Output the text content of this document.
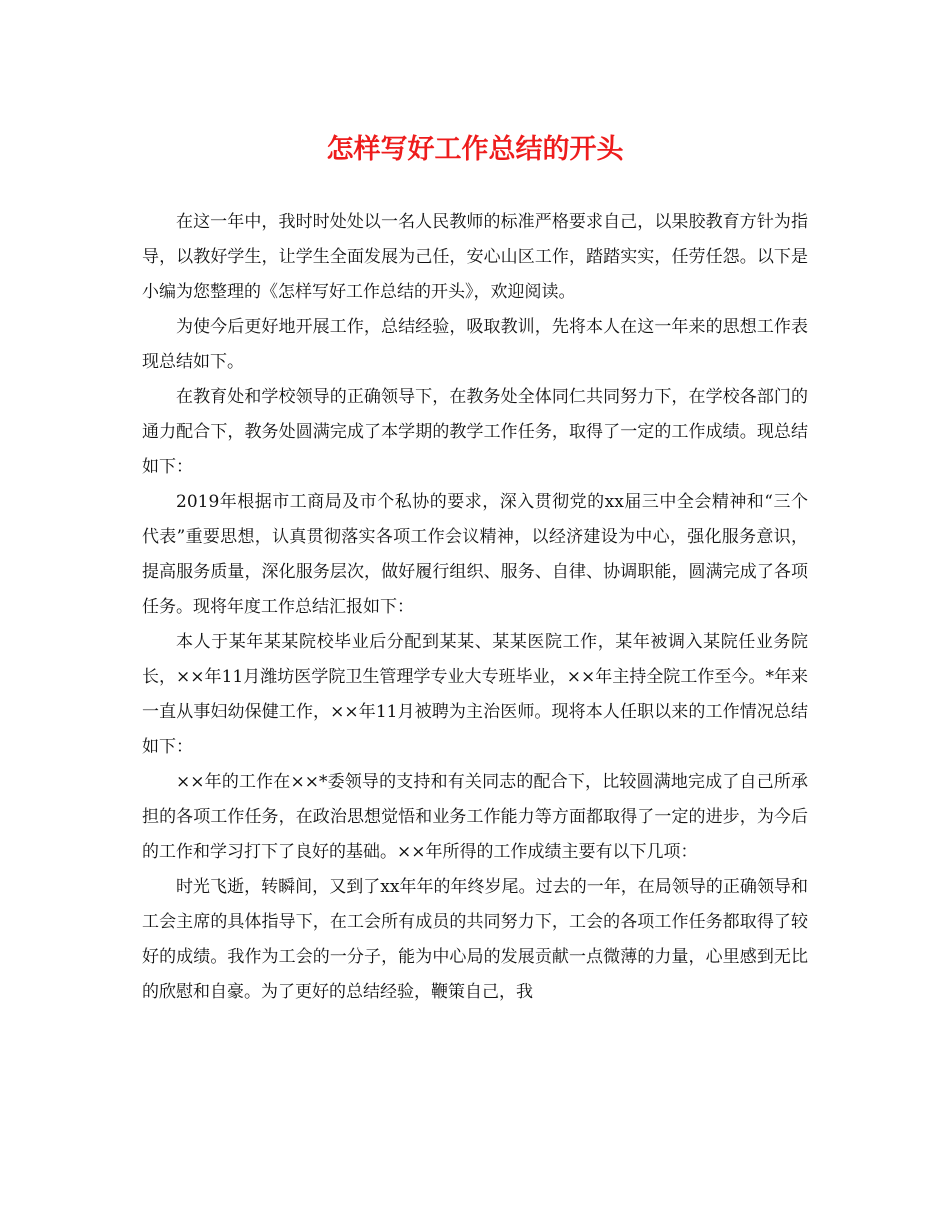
怎样写好工作总结的开头

在这一年中，我时时处处以一名人民教师的标准严格要求自己，以果胶教育方针为指导，以教好学生，让学生全面发展为己任，安心山区工作，踏踏实实，任劳任怨。以下是小编为您整理的《怎样写好工作总结的开头》，欢迎阅读。

为使今后更好地开展工作，总结经验，吸取教训，先将本人在这一年来的思想工作表现总结如下。

在教育处和学校领导的正确领导下，在教务处全体同仁共同努力下，在学校各部门的通力配合下，教务处圆满完成了本学期的教学工作任务，取得了一定的工作成绩。现总结如下：

2019年根据市工商局及市个私协的要求，深入贯彻党的xx届三中全会精神和“三个代表”重要思想，认真贯彻落实各项工作会议精神，以经济建设为中心，强化服务意识，提高服务质量，深化服务层次，做好履行组织、服务、自律、协调职能，圆满完成了各项任务。现将年度工作总结汇报如下：

本人于某年某某院校毕业后分配到某某、某某医院工作，某年被调入某院任业务院长，××年11月潍坊医学院卫生管理学专业大专班毕业，××年主持全院工作至今。*年来一直从事妇幼保健工作，××年11月被聘为主治医师。现将本人任职以来的工作情况总结如下：

××年的工作在××*委领导的支持和有关同志的配合下，比较圆满地完成了自己所承担的各项工作任务，在政治思想觉悟和业务工作能力等方面都取得了一定的进步，为今后的工作和学习打下了良好的基础。××年所得的工作成绩主要有以下几项：

时光飞逝，转瞬间，又到了xx年年的年终岁尾。过去的一年，在局领导的正确领导和工会主席的具体指导下，在工会所有成员的共同努力下，工会的各项工作任务都取得了较好的成绩。我作为工会的一分子，能为中心局的发展贡献一点微薄的力量，心里感到无比的欣慰和自豪。为了更好的总结经验，鞭策自己，我
